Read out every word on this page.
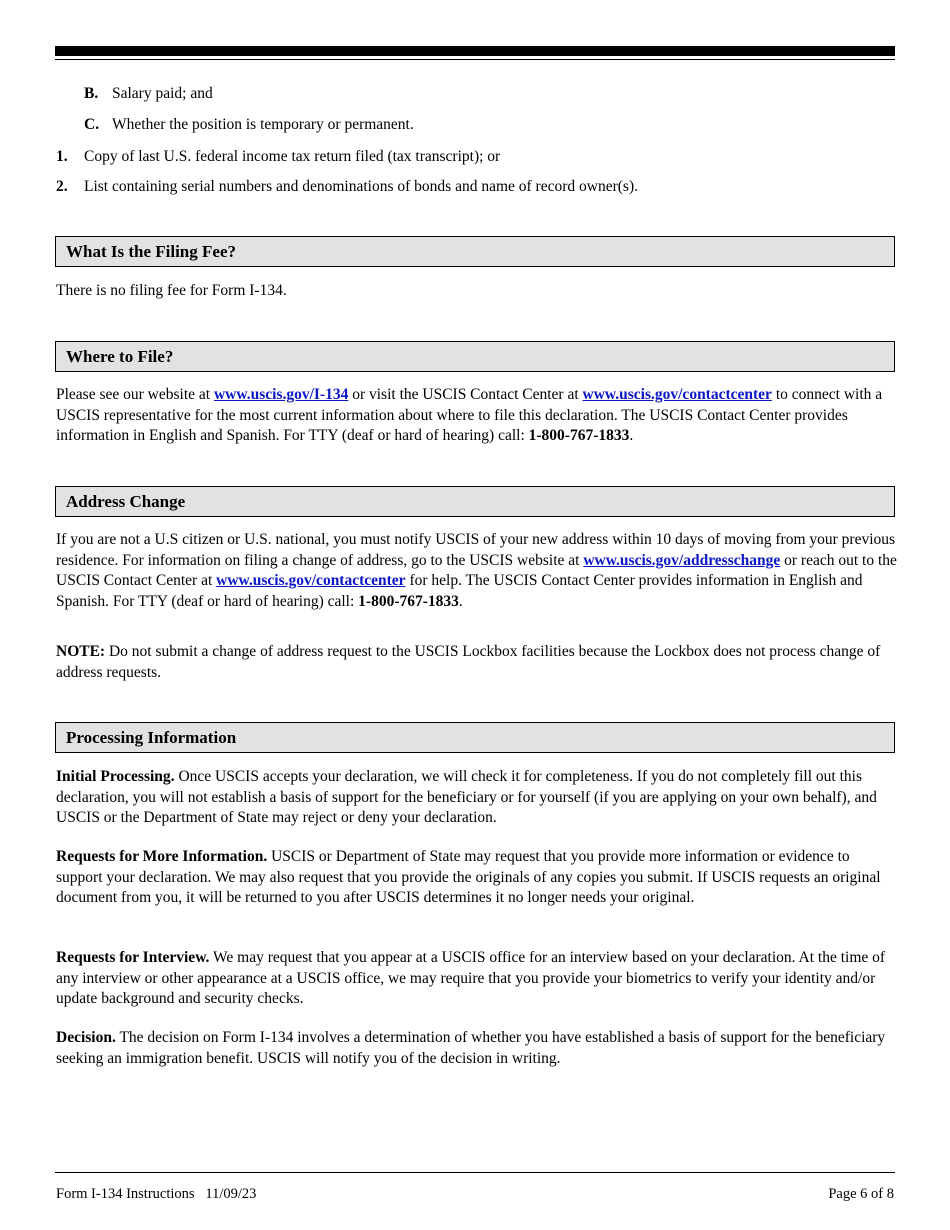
B. Salary paid; and
C. Whether the position is temporary or permanent.
1. Copy of last U.S. federal income tax return filed (tax transcript); or
2. List containing serial numbers and denominations of bonds and name of record owner(s).
What Is the Filing Fee?
There is no filing fee for Form I-134.
Where to File?

Please see our website at www.uscis.gov/I-134 or visit the USCIS Contact Center at www.uscis.gov/contactcenter to connect with a USCIS representative for the most current information about where to file this declaration. The USCIS Contact Center provides information in English and Spanish. For TTY (deaf or hard of hearing) call: 1-800-767-1833.

Address Change

If you are not a U.S citizen or U.S. national, you must notify USCIS of your new address within 10 days of moving from your previous residence. For information on filing a change of address, go to the USCIS website at www.uscis.gov/addresschange or reach out to the USCIS Contact Center at www.uscis.gov/contactcenter for help. The USCIS Contact Center provides information in English and Spanish. For TTY (deaf or hard of hearing) call: 1-800-767-1833.

NOTE: Do not submit a change of address request to the USCIS Lockbox facilities because the Lockbox does not process change of address requests.

Processing Information

Initial Processing. Once USCIS accepts your declaration, we will check it for completeness. If you do not completely fill out this declaration, you will not establish a basis of support for the beneficiary or for yourself (if you are applying on your own behalf), and USCIS or the Department of State may reject or deny your declaration.

Requests for More Information. USCIS or Department of State may request that you provide more information or evidence to support your declaration. We may also request that you provide the originals of any copies you submit. If USCIS requests an original document from you, it will be returned to you after USCIS determines it no longer needs your original.

Requests for Interview. We may request that you appear at a USCIS office for an interview based on your declaration. At the time of any interview or other appearance at a USCIS office, we may require that you provide your biometrics to verify your identity and/or update background and security checks.

Decision. The decision on Form I-134 involves a determination of whether you have established a basis of support for the beneficiary seeking an immigration benefit. USCIS will notify you of the decision in writing.

Form I-134 Instructions   11/09/23	Page 6 of 8
